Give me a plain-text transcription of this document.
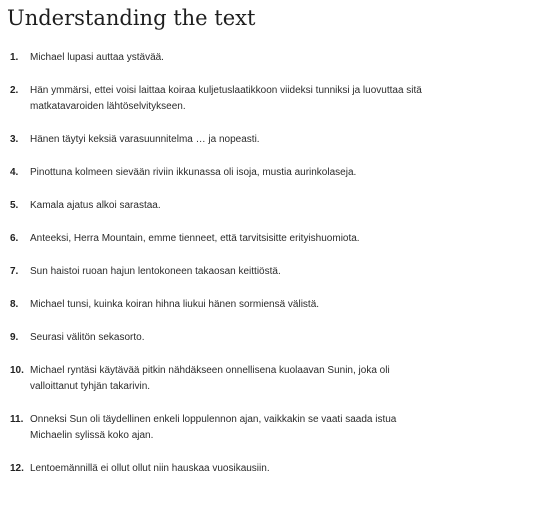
Understanding the text
1.	Michael lupasi auttaa ystävää.
2.	Hän ymmärsi, ettei voisi laittaa koiraa kuljetuslaatikkoon viideksi tunniksi ja luovuttaa sitä matkatavaroiden lähtöselvitykseen.
3.	Hänen täytyi keksiä varasuunnitelma … ja nopeasti.
4.	Pinottuna kolmeen sievään riviin ikkunassa oli isoja, mustia aurinkolaseja.
5.	Kamala ajatus alkoi sarastaa.
6.	Anteeksi, Herra Mountain, emme tienneet, että tarvitsisitte erityishuomiota.
7.	Sun haistoi ruoan hajun lentokoneen takaosan keittiöstä.
8.	Michael tunsi, kuinka koiran hihna liukui hänen sormiensä välistä.
9.	Seurasi välitön sekasorto.
10. Michael ryntäsi käytävää pitkin nähdäkseen onnellisena kuolaavan Sunin, joka oli valloittanut tyhjän takarivin.
11. Onneksi Sun oli täydellinen enkeli loppulennon ajan, vaikkakin se vaati saada istua Michaelin sylissä koko ajan.
12. Lentoemännillä ei ollut ollut niin hauskaa vuosikausiin.
